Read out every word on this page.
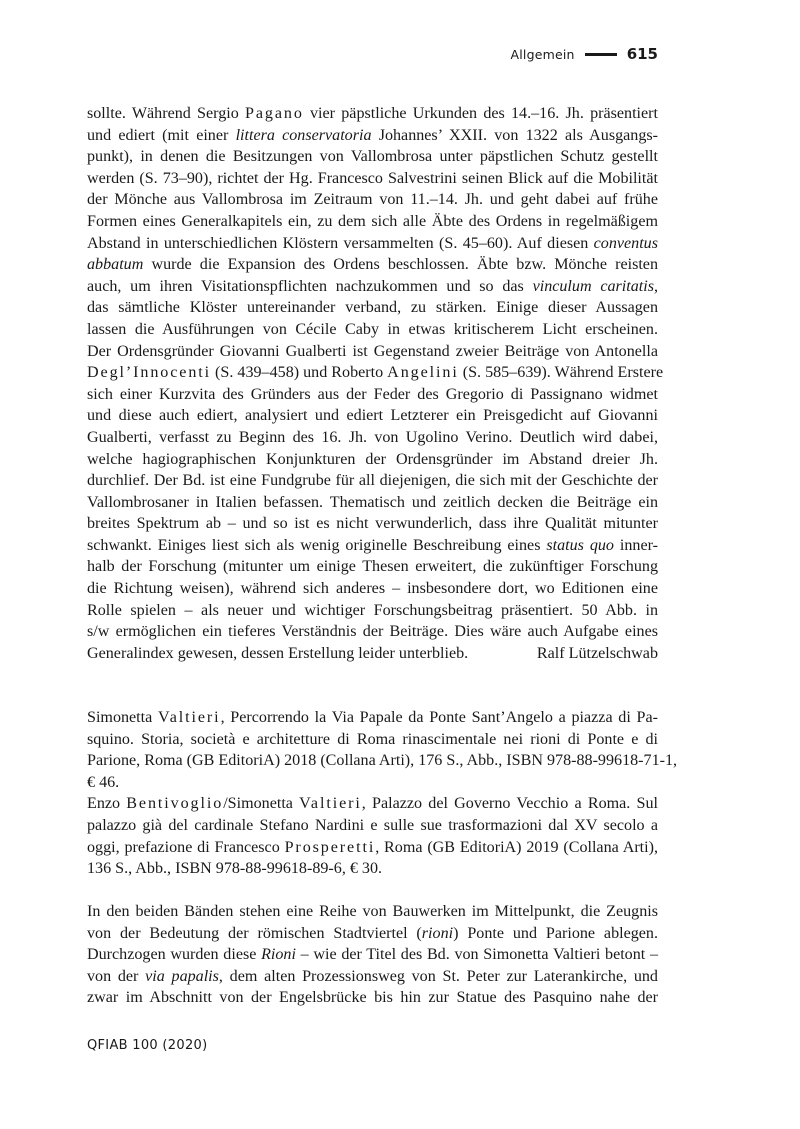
Allgemein	615
sollte. Während Sergio Pagano vier päpstliche Urkunden des 14.–16. Jh. präsentiert
und ediert (mit einer littera conservatoria Johannes’ XXII. von 1322 als Ausgangs-
punkt), in denen die Besitzungen von Vallombrosa unter päpstlichen Schutz gestellt
werden (S. 73–90), richtet der Hg. Francesco Salvestrini seinen Blick auf die Mobilität
der Mönche aus Vallombrosa im Zeitraum von 11.–14. Jh. und geht dabei auf frühe
Formen eines Generalkapitels ein, zu dem sich alle Äbte des Ordens in regelmäßigem
Abstand in unterschiedlichen Klöstern versammelten (S. 45–60). Auf diesen conventus
abbatum wurde die Expansion des Ordens beschlossen. Äbte bzw. Mönche reisten
auch, um ihren Visitationspflichten nachzukommen und so das vinculum caritatis,
das sämtliche Klöster untereinander verband, zu stärken. Einige dieser Aussagen
lassen die Ausführungen von Cécile Caby in etwas kritischerem Licht erscheinen.
Der Ordensgründer Giovanni Gualberti ist Gegenstand zweier Beiträge von Antonella
Degl’Innocenti (S. 439–458) und Roberto Angelini (S. 585–639). Während Erstere
sich einer Kurzvita des Gründers aus der Feder des Gregorio di Passignano widmet
und diese auch ediert, analysiert und ediert Letzterer ein Preisgedicht auf Giovanni
Gualberti, verfasst zu Beginn des 16. Jh. von Ugolino Verino. Deutlich wird dabei,
welche hagiographischen Konjunkturen der Ordensgründer im Abstand dreier Jh.
durchlief. Der Bd. ist eine Fundgrube für all diejenigen, die sich mit der Geschichte der
Vallombrosaner in Italien befassen. Thematisch und zeitlich decken die Beiträge ein
breites Spektrum ab – und so ist es nicht verwunderlich, dass ihre Qualität mitunter
schwankt. Einiges liest sich als wenig originelle Beschreibung eines status quo inner-
halb der Forschung (mitunter um einige Thesen erweitert, die zukünftiger Forschung
die Richtung weisen), während sich anderes – insbesondere dort, wo Editionen eine
Rolle spielen – als neuer und wichtiger Forschungsbeitrag präsentiert. 50 Abb. in
s/w ermöglichen ein tieferes Verständnis der Beiträge. Dies wäre auch Aufgabe eines
Generalindex gewesen, dessen Erstellung leider unterblieb.	Ralf Lützelschwab
Simonetta Valtieri, Percorrendo la Via Papale da Ponte Sant’Angelo a piazza di Pa-
squino. Storia, società e architetture di Roma rinascimentale nei rioni di Ponte e di
Parione, Roma (GB EditoriA) 2018 (Collana Arti), 176 S., Abb., ISBN 978-88-99618-71-1,
€ 46.
Enzo Bentivoglio/Simonetta Valtieri, Palazzo del Governo Vecchio a Roma. Sul
palazzo già del cardinale Stefano Nardini e sulle sue trasformazioni dal XV secolo a
oggi, prefazione di Francesco Prosperetti, Roma (GB EditoriA) 2019 (Collana Arti),
136 S., Abb., ISBN 978-88-99618-89-6, € 30.
In den beiden Bänden stehen eine Reihe von Bauwerken im Mittelpunkt, die Zeugnis
von der Bedeutung der römischen Stadtviertel (rioni) Ponte und Parione ablegen.
Durchzogen wurden diese Rioni – wie der Titel des Bd. von Simonetta Valtieri betont –
von der via papalis, dem alten Prozessionsweg von St. Peter zur Laterankirche, und
zwar im Abschnitt von der Engelsbrücke bis hin zur Statue des Pasquino nahe der
QFIAB 100 (2020)
